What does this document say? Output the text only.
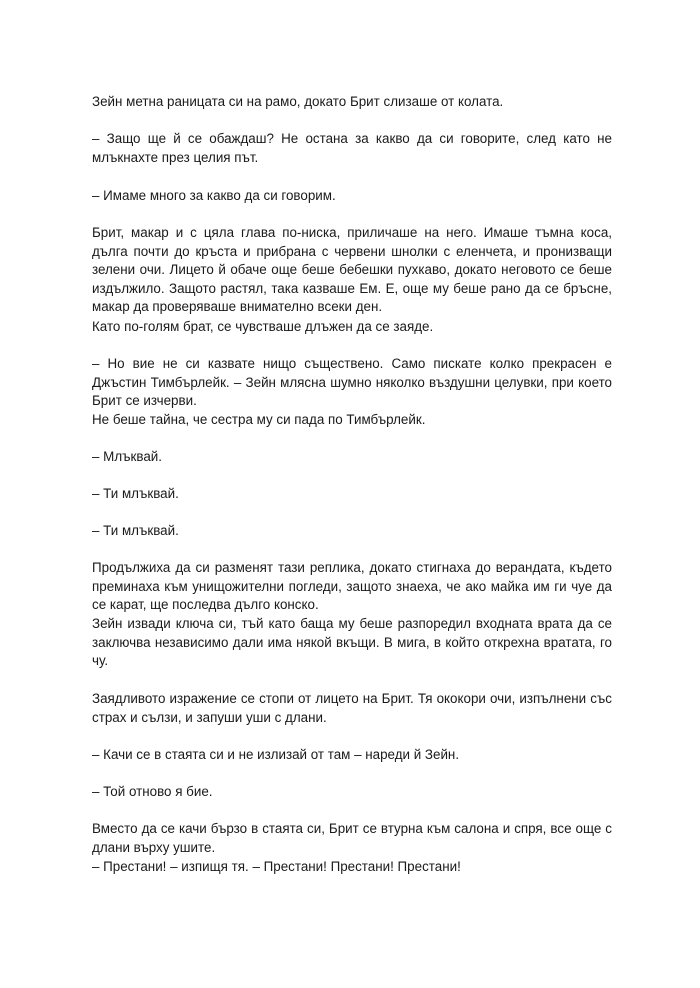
Зейн метна раницата си на рамо, докато Брит слизаше от колата.

– Защо ще й се обаждаш? Не остана за какво да си говорите, след като не млъкнахте през целия път.

– Имаме много за какво да си говорим.

Брит, макар и с цяла глава по-ниска, приличаше на него. Имаше тъмна коса, дълга почти до кръста и прибрана с червени шнолки с еленчета, и пронизващи зелени очи. Лицето й обаче още беше бебешки пухкаво, докато неговото се беше издължило. Защото растял, така казваше Ем. Е, още му беше рано да се бръсне, макар да проверяваше внимателно всеки ден.

Като по-голям брат, се чувстваше длъжен да се заяде.

– Но вие не си казвате нищо съществено. Само пискате колко прекрасен е Джъстин Тимбърлейк. – Зейн млясна шумно няколко въздушни целувки, при което Брит се изчерви.

Не беше тайна, че сестра му си пада по Тимбърлейк.

– Млъквай.

– Ти млъквай.

– Ти млъквай.

Продължиха да си разменят тази реплика, докато стигнаха до верандата, където преминаха към унищожителни погледи, защото знаеха, че ако майка им ги чуе да се карат, ще последва дълго конско.

Зейн извади ключа си, тъй като баща му беше разпоредил входната врата да се заключва независимо дали има някой вкъщи. В мига, в който открехна вратата, го чу.

Заядливото изражение се стопи от лицето на Брит. Тя ококори очи, изпълнени със страх и сълзи, и запуши уши с длани.

– Качи се в стаята си и не излизай от там – нареди й Зейн.

– Той отново я бие.

Вместо да се качи бързо в стаята си, Брит се втурна към салона и спря, все още с длани върху ушите.

– Престани! – изпищя тя. – Престани! Престани! Престани!
